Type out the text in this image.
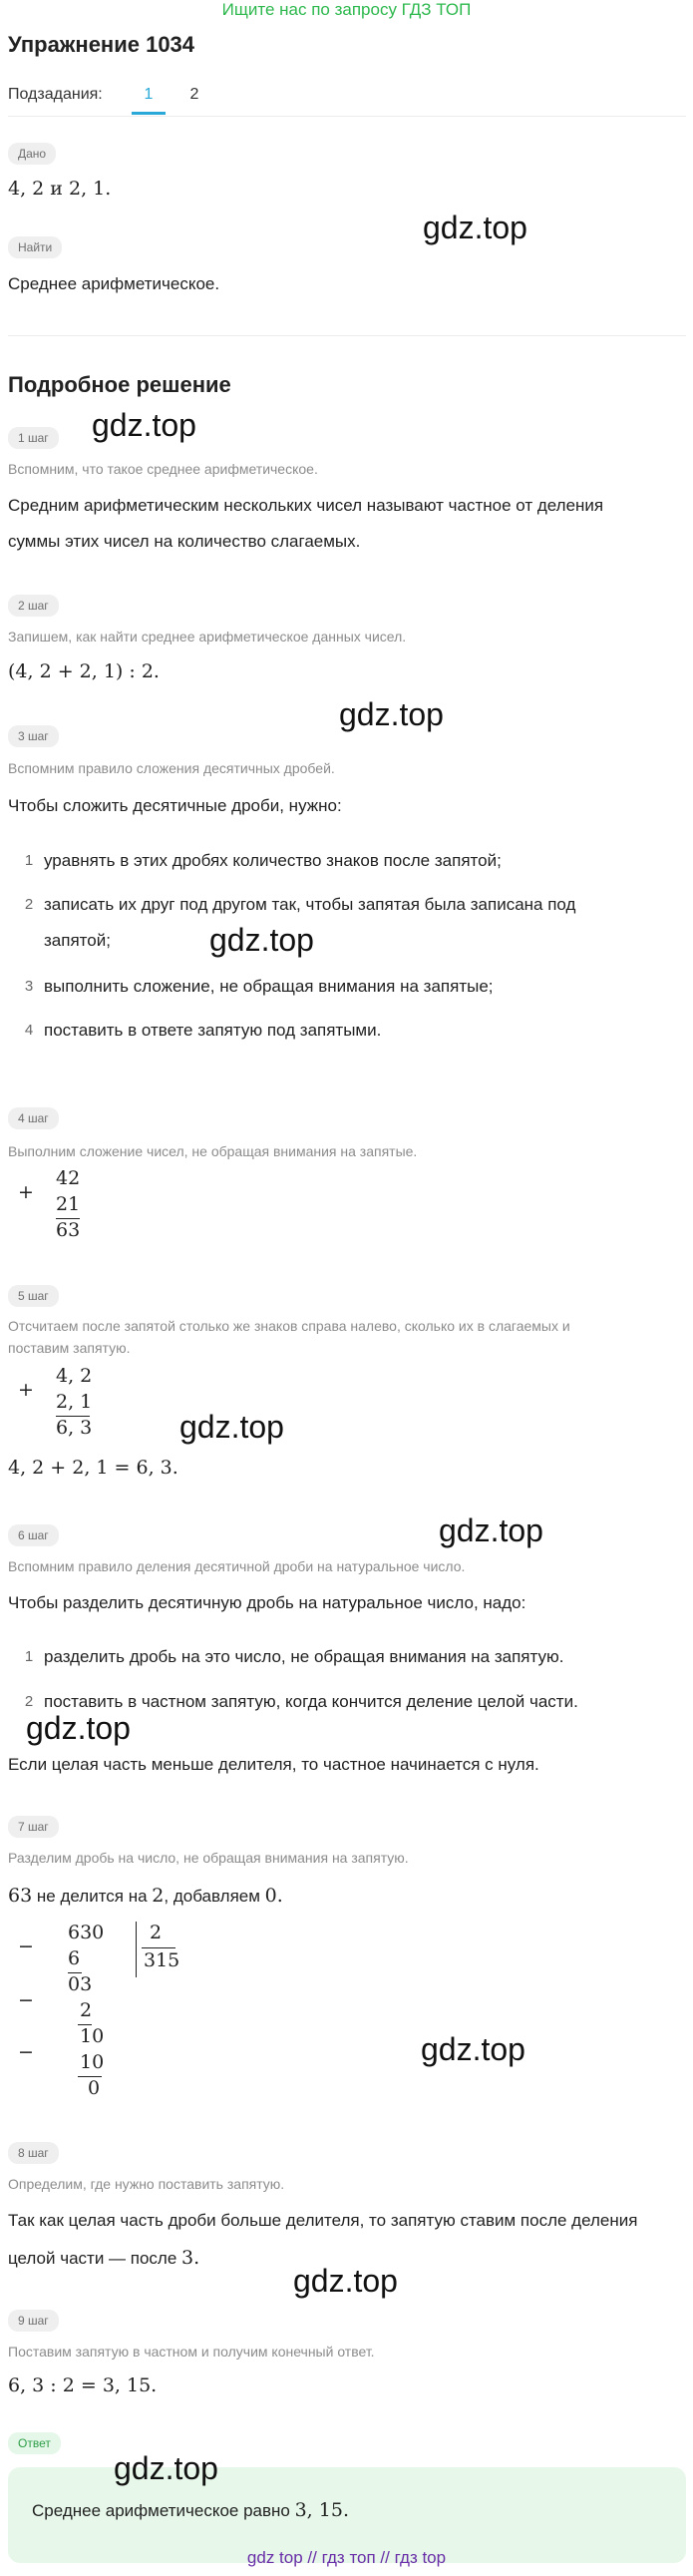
Ищите нас по запросу ГДЗ ТОП
Упражнение 1034
Подзадания:	1	2
Дано
4, 2 и 2, 1.
gdz.top
Найти
Среднее арифметическое.
Подробное решение
1 шаг	gdz.top
Вспомним, что такое среднее арифметическое.
Средним арифметическим нескольких чисел называют частное от деления
суммы этих чисел на количество слагаемых.
2 шаг
Запишем, как найти среднее арифметическое данных чисел.
(4, 2 + 2, 1) : 2.
gdz.top
3 шаг
Вспомним правило сложения десятичных дробей.
Чтобы сложить десятичные дроби, нужно:
1 уравнять в этих дробях количество знаков после запятой;
2 записать их друг под другом так, чтобы запятая была записана под
запятой;	gdz.top
3 выполнить сложение, не обращая внимания на запятые;
4 поставить в ответе запятую под запятыми.
4 шаг
Выполним сложение чисел, не обращая внимания на запятые.
+
42
21
63
5 шаг
Отсчитаем после запятой столько же знаков справа налево, сколько их в слагаемых и
поставим запятую.
+
4, 2
2, 1
6, 3	gdz.top
4, 2 + 2, 1 = 6, 3.
gdz.top
6 шаг
Вспомним правило деления десятичной дроби на натуральное число.
Чтобы разделить десятичную дробь на натуральное число, надо:
1 разделить дробь на это число, не обращая внимания на запятую.
2 поставить в частном запятую, когда кончится деление целой части.
gdz.top
Если целая часть меньше делителя, то частное начинается с нуля.
7 шаг
Разделим дробь на число, не обращая внимания на запятую.
63 не делится на 2, добавляем 0.
−
630 2
315
6
03
− 2
10
− 10
0
gdz.top
8 шаг
Определим, где нужно поставить запятую.
Так как целая часть дроби больше делителя, то запятую ставим после деления
целой части — после 3.
gdz.top
9 шаг
Поставим запятую в частном и получим конечный ответ.
6, 3 : 2 = 3, 15.
Ответ
gdz.top
Среднее арифметическое равно 3, 15.
gdz top // гдз топ // гдз top
